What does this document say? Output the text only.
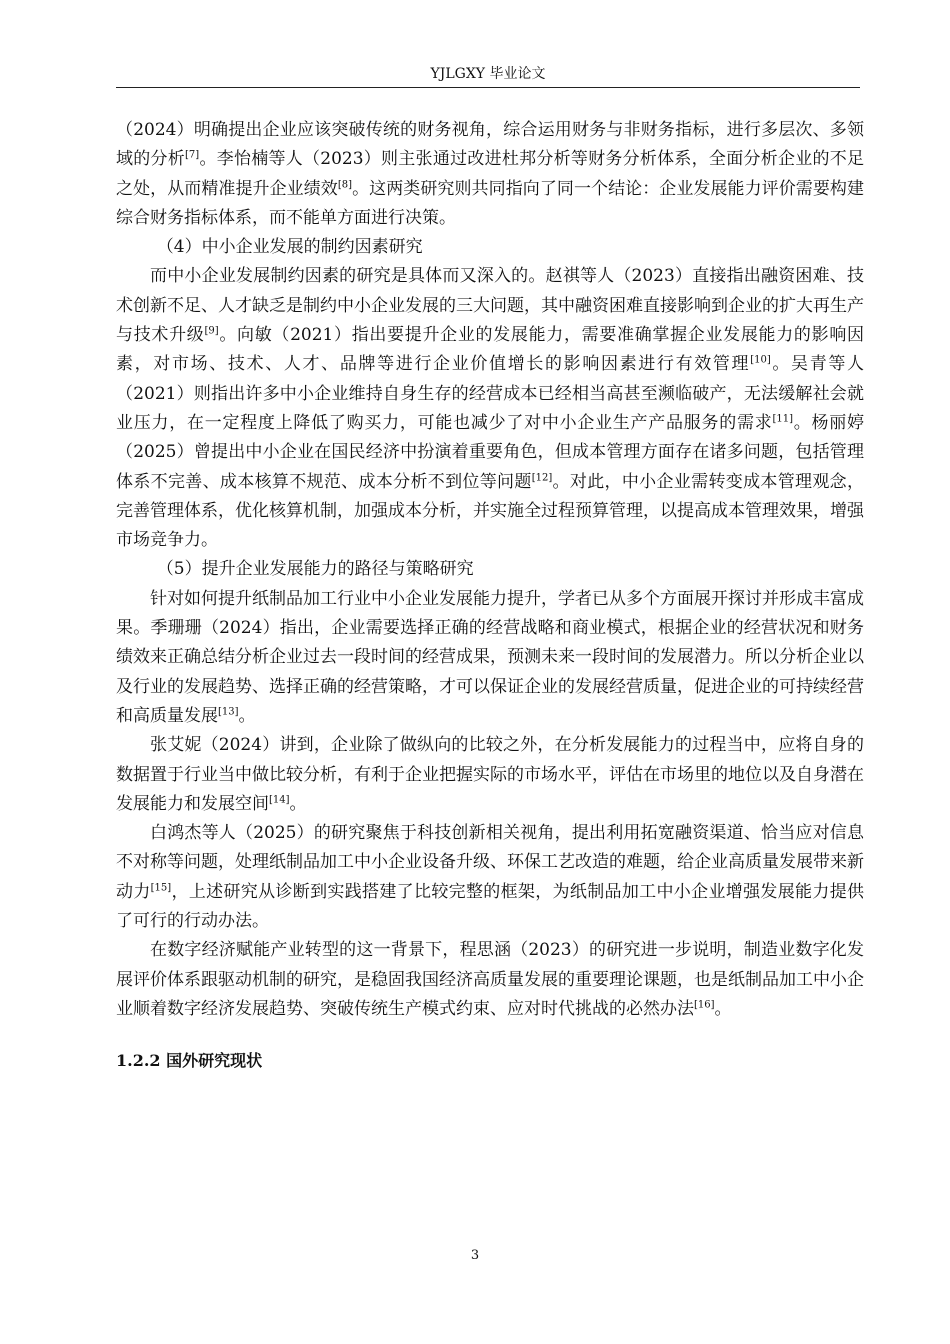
YJLGXY 毕业论文

（2024）明确提出企业应该突破传统的财务视角，综合运用财务与非财务指标，进行多层次、多领域的分析[7]。李怡楠等人（2023）则主张通过改进杜邦分析等财务分析体系，全面分析企业的不足之处，从而精准提升企业绩效[8]。这两类研究则共同指向了同一个结论：企业发展能力评价需要构建综合财务指标体系，而不能单方面进行决策。

（4）中小企业发展的制约因素研究

而中小企业发展制约因素的研究是具体而又深入的。赵祺等人（2023）直接指出融资困难、技术创新不足、人才缺乏是制约中小企业发展的三大问题，其中融资困难直接影响到企业的扩大再生产与技术升级[9]。向敏（2021）指出要提升企业的发展能力，需要准确掌握企业发展能力的影响因素，对市场、技术、人才、品牌等进行企业价值增长的影响因素进行有效管理[10]。吴青等人（2021）则指出许多中小企业维持自身生存的经营成本已经相当高甚至濒临破产，无法缓解社会就业压力，在一定程度上降低了购买力，可能也减少了对中小企业生产产品服务的需求[11]。杨丽婷（2025）曾提出中小企业在国民经济中扮演着重要角色，但成本管理方面存在诸多问题，包括管理体系不完善、成本核算不规范、成本分析不到位等问题[12]。对此，中小企业需转变成本管理观念，完善管理体系，优化核算机制，加强成本分析，并实施全过程预算管理，以提高成本管理效果，增强市场竞争力。

（5）提升企业发展能力的路径与策略研究

针对如何提升纸制品加工行业中小企业发展能力提升，学者已从多个方面展开探讨并形成丰富成果。季珊珊（2024）指出，企业需要选择正确的经营战略和商业模式，根据企业的经营状况和财务绩效来正确总结分析企业过去一段时间的经营成果，预测未来一段时间的发展潜力。所以分析企业以及行业的发展趋势、选择正确的经营策略，才可以保证企业的发展经营质量，促进企业的可持续经营和高质量发展[13]。

张艾妮（2024）讲到，企业除了做纵向的比较之外，在分析发展能力的过程当中，应将自身的数据置于行业当中做比较分析，有利于企业把握实际的市场水平，评估在市场里的地位以及自身潜在发展能力和发展空间[14]。

白鸿杰等人（2025）的研究聚焦于科技创新相关视角，提出利用拓宽融资渠道、恰当应对信息不对称等问题，处理纸制品加工中小企业设备升级、环保工艺改造的难题，给企业高质量发展带来新动力[15]，上述研究从诊断到实践搭建了比较完整的框架，为纸制品加工中小企业增强发展能力提供了可行的行动办法。

在数字经济赋能产业转型的这一背景下，程思涵（2023）的研究进一步说明，制造业数字化发展评价体系跟驱动机制的研究，是稳固我国经济高质量发展的重要理论课题，也是纸制品加工中小企业顺着数字经济发展趋势、突破传统生产模式约束、应对时代挑战的必然办法[16]。

1.2.2 国外研究现状

3
